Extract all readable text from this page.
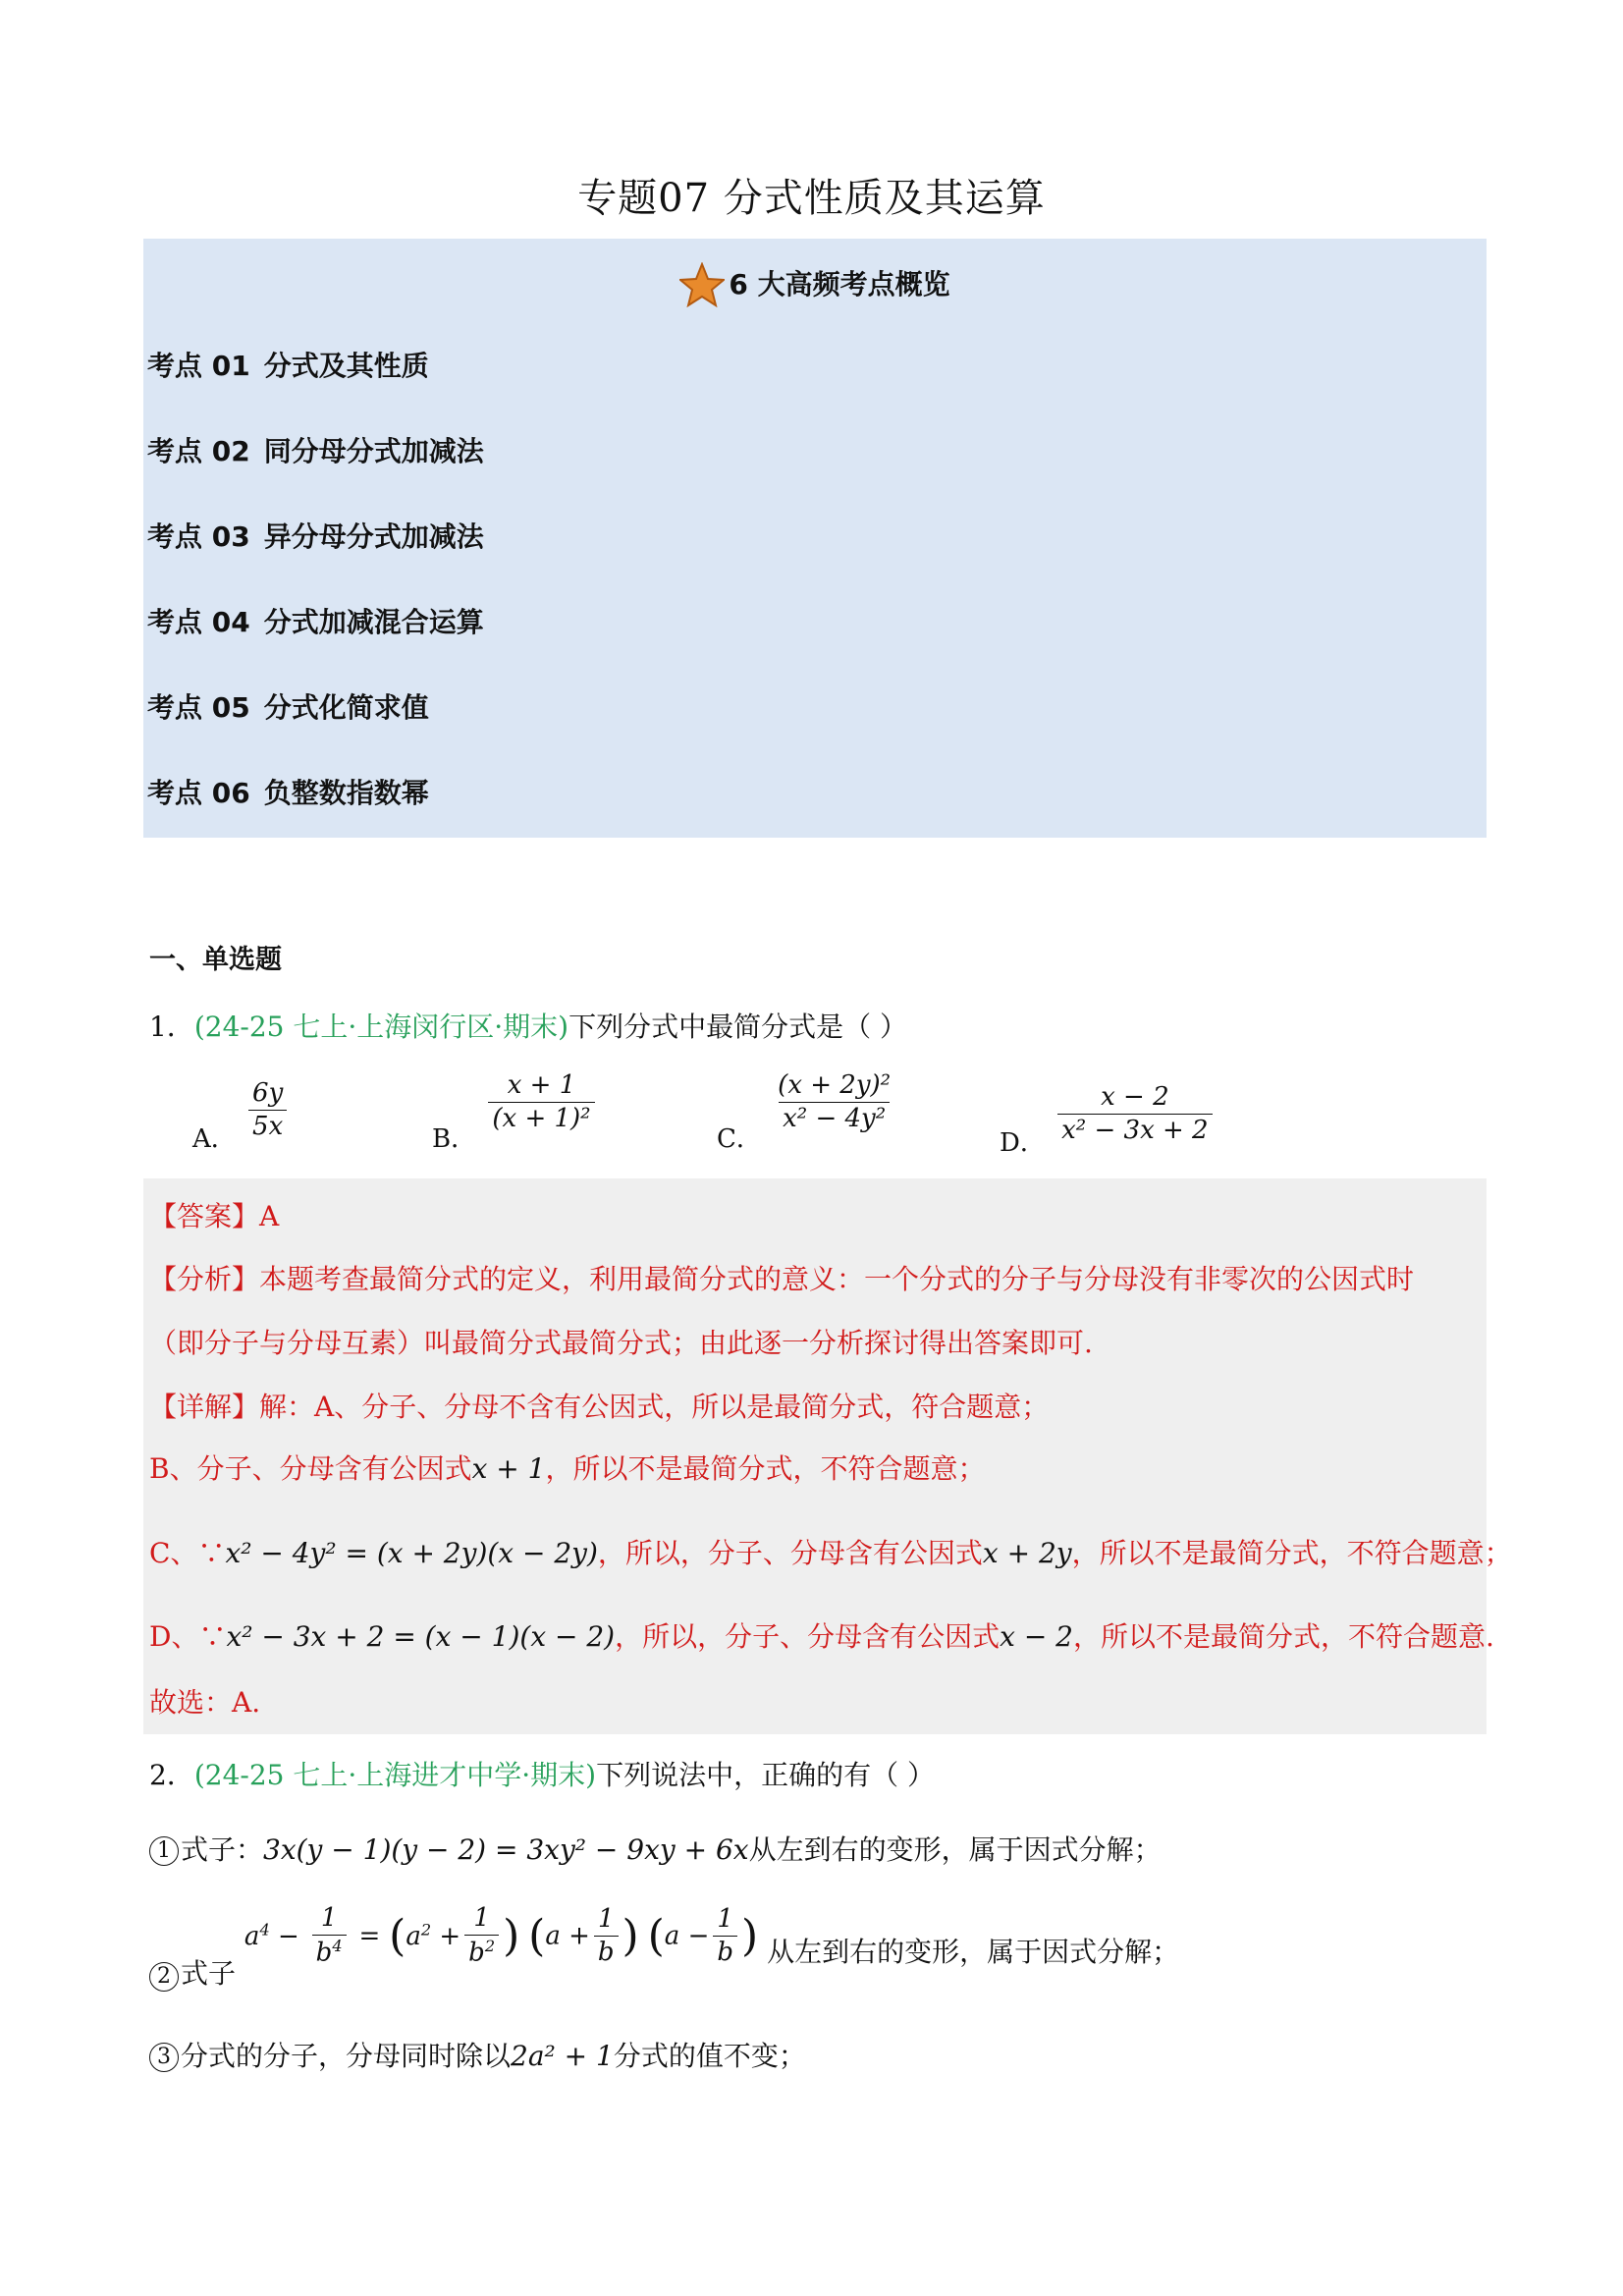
专题07 分式性质及其运算
6 大高频考点概览
考点 01 分式及其性质
考点 02 同分母分式加减法
考点 03 异分母分式加减法
考点 04 分式加减混合运算
考点 05 分式化简求值
考点 06 负整数指数幂
一、单选题
1．(24-25 七上·上海闵行区·期末)下列分式中最简分式是（ ）
A． $\frac{6y}{5x}$	B．
$\frac{x + 1}{\text{(x + 1)²}}$
C．
$\frac{\text{(x + 2y)²}}{\text{x² − 4y²}}$
D． $\frac{x - 2}{\text{x² − 3x + 2}}$
【答案】A
【分析】本题考查最简分式的定义，利用最简分式的意义：一个分式的分子与分母没有非零次的公因式时
（即分子与分母互素）叫最简分式最简分式；由此逐一分析探讨得出答案即可.
【详解】解：A、分子、分母不含有公因式，所以是最简分式，符合题意；
B、分子、分母含有公因式x + 1，所以不是最简分式，不符合题意；
C、∵x² − 4y² = (x + 2y)(x − 2y)，所以，分子、分母含有公因式x + 2y，所以不是最简分式，不符合题意；
D、∵x² − 3x + 2 = (x − 1)(x − 2)，所以，分子、分母含有公因式x − 2，所以不是最简分式，不符合题意.
故选：A.
2．(24-25 七上·上海进才中学·期末)下列说法中，正确的有（ ）
1 式子：3x(y − 1)(y − 2) = 3xy² − 9xy + 6x从左到右的变形，属于因式分解；
2 式子 $a^4 - \frac{1}{b^4} = (a^2 + \frac{1}{b^2}$ ) ($a + \frac{1}{b}$ ) ($a - \frac{1}{b}$ ) 从左到右的变形，属于因式分解；
3 分式的分子，分母同时除以2a² + 1分式的值不变；
